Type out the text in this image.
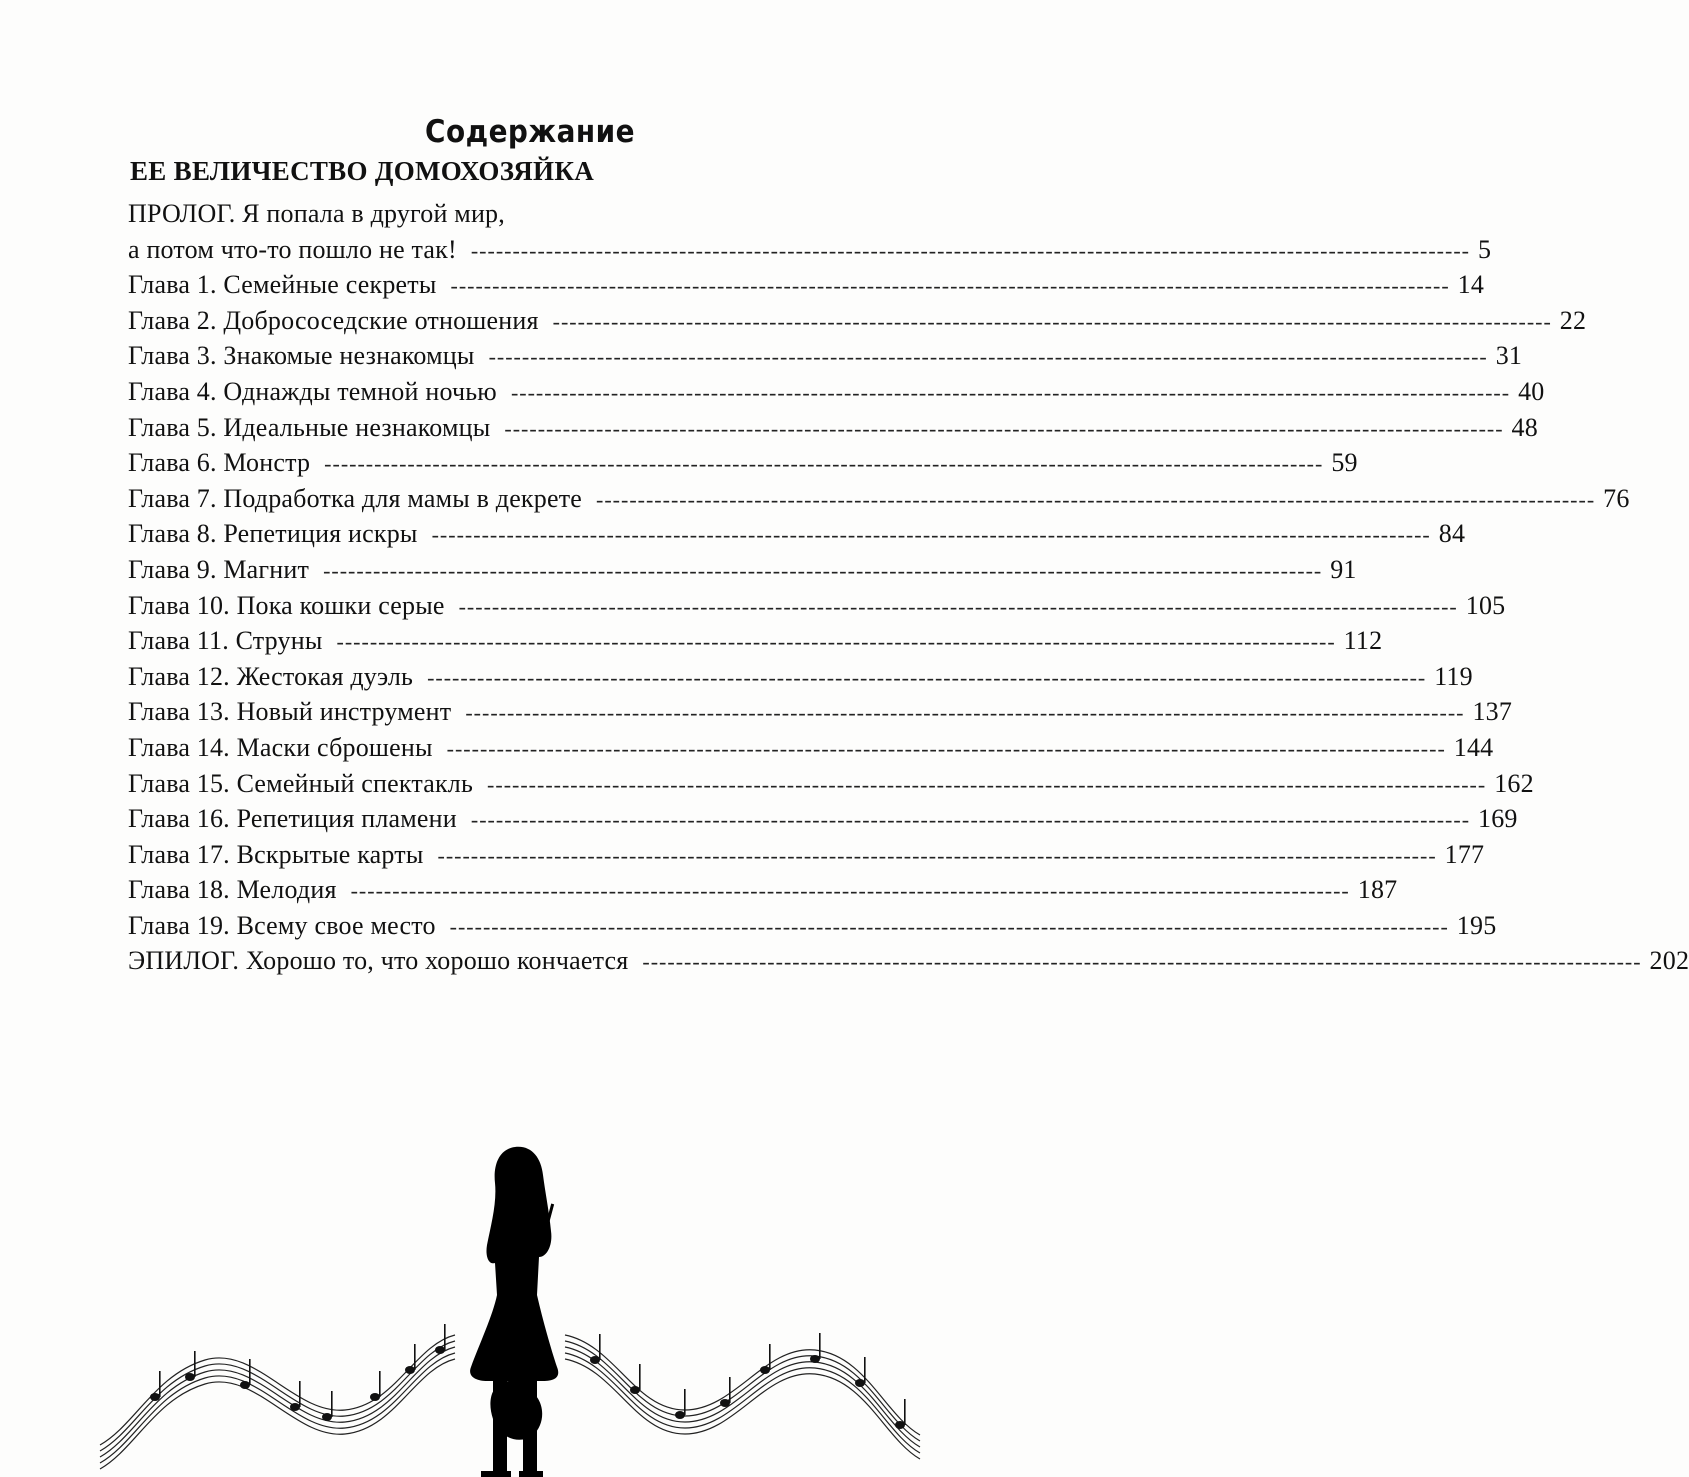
Содержание
ЕЕ ВЕЛИЧЕСТВО ДОМОХОЗЯЙКА
ПРОЛОГ. Я попала в другой мир,
а потом что-то пошло не так! ------------------------------------------------------------------------------------------------------------------------ 5
Глава 1. Семейные секреты ------------------------------------------------------------------------------------------------------------------------ 14
Глава 2. Добрососедские отношения ------------------------------------------------------------------------------------------------------------------------ 22
Глава 3. Знакомые незнакомцы ------------------------------------------------------------------------------------------------------------------------ 31
Глава 4. Однажды темной ночью ------------------------------------------------------------------------------------------------------------------------ 40
Глава 5. Идеальные незнакомцы ------------------------------------------------------------------------------------------------------------------------ 48
Глава 6. Монстр ------------------------------------------------------------------------------------------------------------------------ 59
Глава 7. Подработка для мамы в декрете ------------------------------------------------------------------------------------------------------------------------ 76
Глава 8. Репетиция искры ------------------------------------------------------------------------------------------------------------------------ 84
Глава 9. Магнит ------------------------------------------------------------------------------------------------------------------------ 91
Глава 10. Пока кошки серые ------------------------------------------------------------------------------------------------------------------------ 105
Глава 11. Струны ------------------------------------------------------------------------------------------------------------------------ 112
Глава 12. Жестокая дуэль ------------------------------------------------------------------------------------------------------------------------ 119
Глава 13. Новый инструмент ------------------------------------------------------------------------------------------------------------------------ 137
Глава 14. Маски сброшены ------------------------------------------------------------------------------------------------------------------------ 144
Глава 15. Семейный спектакль ------------------------------------------------------------------------------------------------------------------------ 162
Глава 16. Репетиция пламени ------------------------------------------------------------------------------------------------------------------------ 169
Глава 17. Вскрытые карты ------------------------------------------------------------------------------------------------------------------------ 177
Глава 18. Мелодия ------------------------------------------------------------------------------------------------------------------------ 187
Глава 19. Всему свое место ------------------------------------------------------------------------------------------------------------------------ 195
ЭПИЛОГ. Хорошо то, что хорошо кончается ------------------------------------------------------------------------------------------------------------------------ 202
